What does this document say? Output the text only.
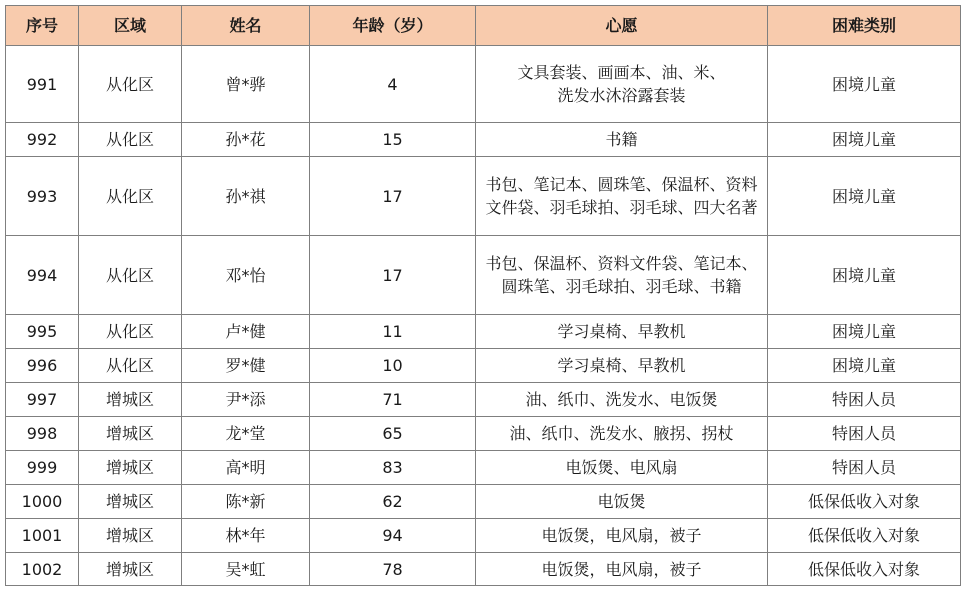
序号	区域	姓名	年龄（岁）	心愿	困难类别
991	从化区	曾*骅	4	文具套装、画画本、油、米、
洗发水沐浴露套装	困境儿童
992	从化区	孙*花	15	书籍	困境儿童
993	从化区	孙*祺	17	书包、笔记本、圆珠笔、保温杯、资料
文件袋、羽毛球拍、羽毛球、四大名著	困境儿童
994	从化区	邓*怡	17	书包、保温杯、资料文件袋、笔记本、
圆珠笔、羽毛球拍、羽毛球、书籍	困境儿童
995	从化区	卢*健	11	学习桌椅、早教机	困境儿童
996	从化区	罗*健	10	学习桌椅、早教机	困境儿童
997	增城区	尹*添	71	油、纸巾、洗发水、电饭煲	特困人员
998	增城区	龙*堂	65	油、纸巾、洗发水、腋拐、拐杖	特困人员
999	增城区	高*明	83	电饭煲、电风扇	特困人员
1000	增城区	陈*新	62	电饭煲	低保低收入对象
1001	增城区	林*年	94	电饭煲，电风扇，被子	低保低收入对象
1002	增城区	吴*虹	78	电饭煲，电风扇，被子	低保低收入对象
